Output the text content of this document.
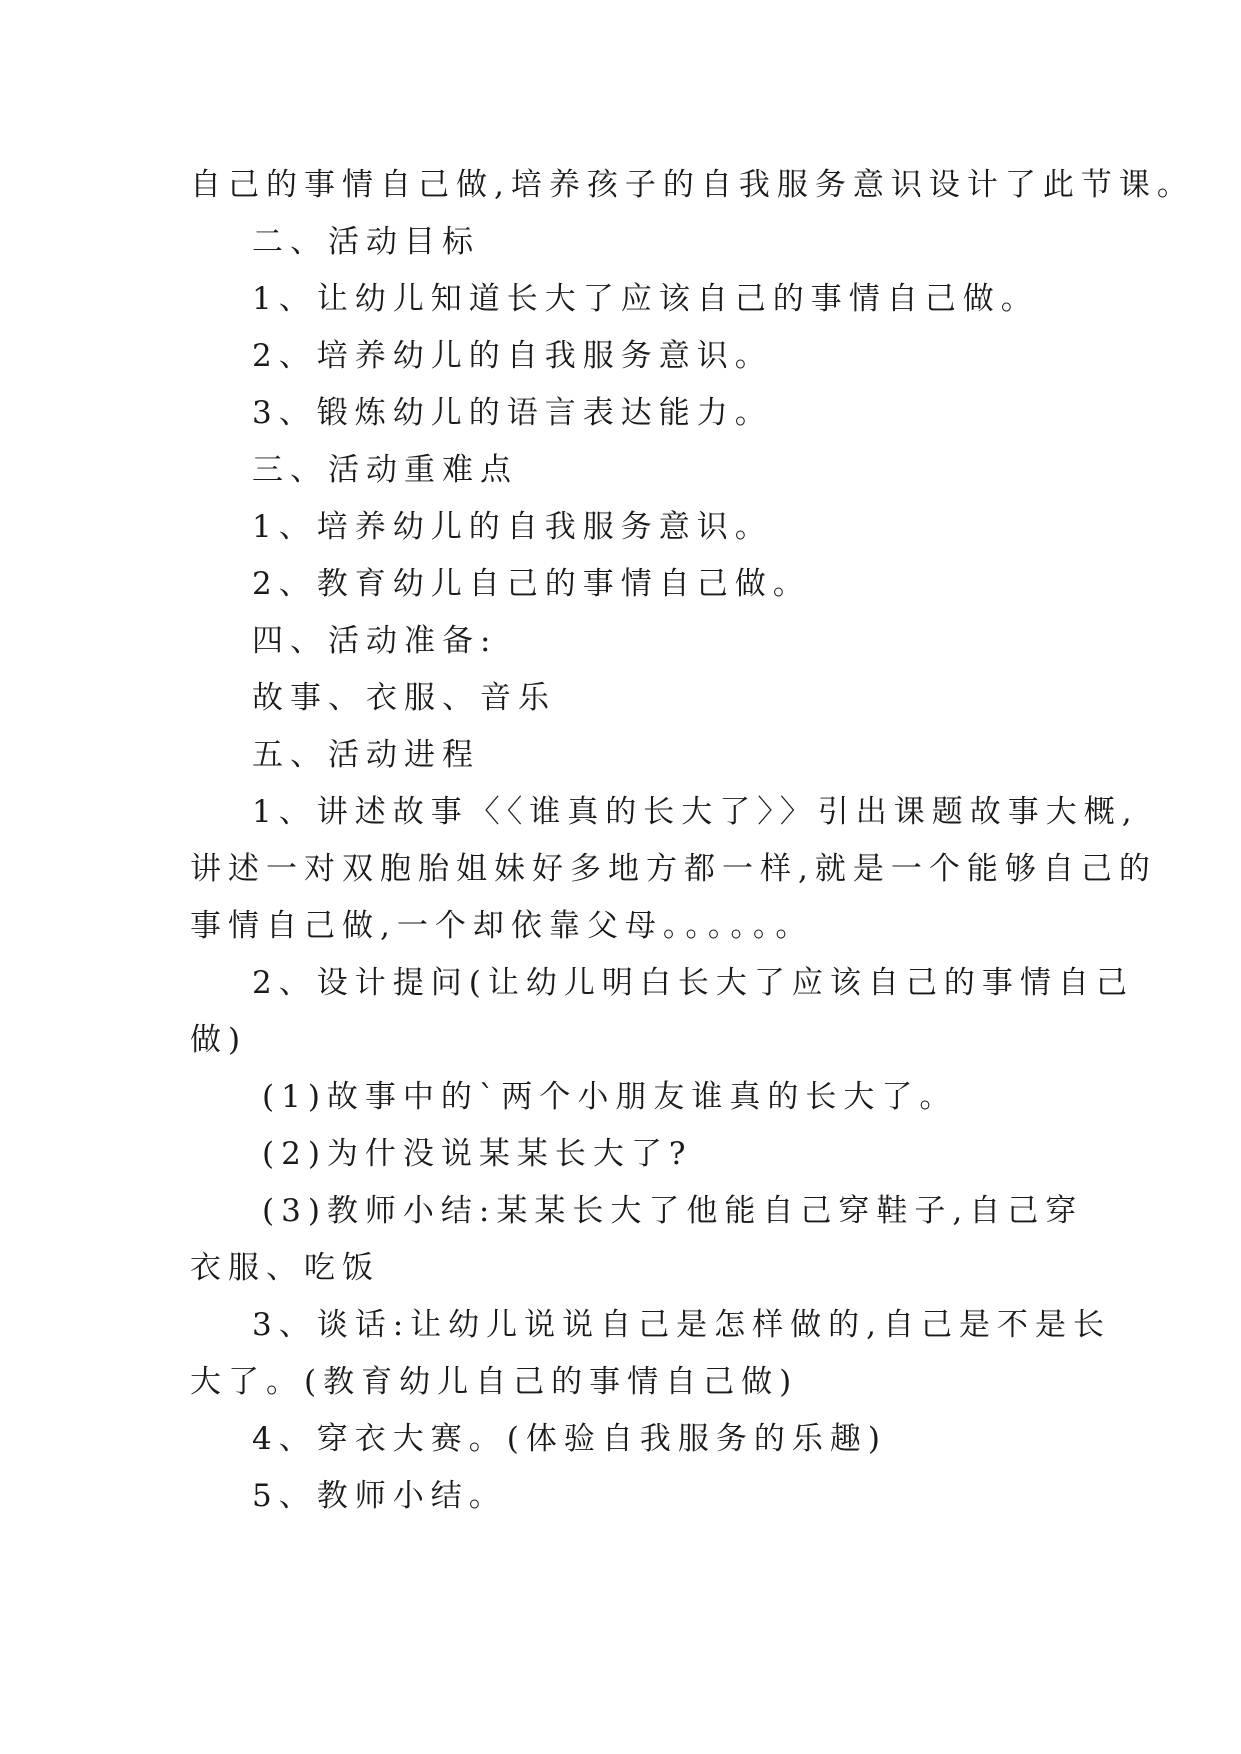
自己的事情自己做,培养孩子的自我服务意识设计了此节课。
二、活动目标
1、让幼儿知道长大了应该自己的事情自己做。
2、培养幼儿的自我服务意识。
3、锻炼幼儿的语言表达能力。
三、活动重难点
1、培养幼儿的自我服务意识。
2、教育幼儿自己的事情自己做。
四、活动准备:
故事、衣服、音乐
五、活动进程
1、讲述故事〈〈谁真的长大了〉〉引出课题故事大概,
讲述一对双胞胎姐妹好多地方都一样,就是一个能够自己的
事情自己做,一个却依靠父母。。。。。。
2、设计提问(让幼儿明白长大了应该自己的事情自己
做)
(1)故事中的`两个小朋友谁真的长大了。
(2)为什没说某某长大了?
(3)教师小结:某某长大了他能自己穿鞋子,自己穿
衣服、吃饭
3、谈话:让幼儿说说自己是怎样做的,自己是不是长
大了。(教育幼儿自己的事情自己做)
4、穿衣大赛。(体验自我服务的乐趣)
5、教师小结。
